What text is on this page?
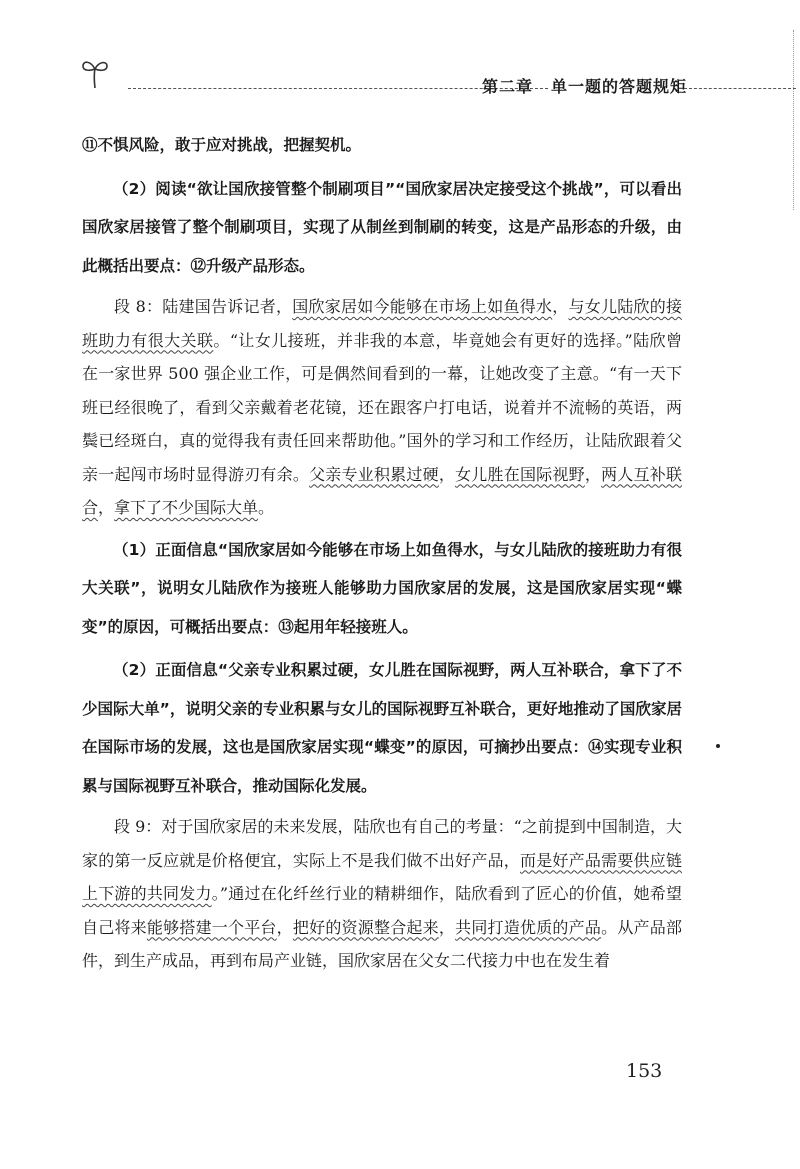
第二章 单一题的答题规矩

⑪不惧风险，敢于应对挑战，把握契机。

（2）阅读“欲让国欣接管整个制刷项目”“国欣家居决定接受这个挑战”，可以看出国欣家居接管了整个制刷项目，实现了从制丝到制刷的转变，这是产品形态的升级，由此概括出要点：⑫升级产品形态。

段 8：陆建国告诉记者，国欣家居如今能够在市场上如鱼得水，与女儿陆欣的接班助力有很大关联。“让女儿接班，并非我的本意，毕竟她会有更好的选择。”陆欣曾在一家世界 500 强企业工作，可是偶然间看到的一幕，让她改变了主意。“有一天下班已经很晚了，看到父亲戴着老花镜，还在跟客户打电话，说着并不流畅的英语，两鬓已经斑白，真的觉得我有责任回来帮助他。”国外的学习和工作经历，让陆欣跟着父亲一起闯市场时显得游刃有余。父亲专业积累过硬，女儿胜在国际视野，两人互补联合，拿下了不少国际大单。

（1）正面信息“国欣家居如今能够在市场上如鱼得水，与女儿陆欣的接班助力有很大关联”，说明女儿陆欣作为接班人能够助力国欣家居的发展，这是国欣家居实现“蝶变”的原因，可概括出要点：⑬起用年轻接班人。

（2）正面信息“父亲专业积累过硬，女儿胜在国际视野，两人互补联合，拿下了不少国际大单”，说明父亲的专业积累与女儿的国际视野互补联合，更好地推动了国欣家居在国际市场的发展，这也是国欣家居实现“蝶变”的原因，可摘抄出要点：⑭实现专业积累与国际视野互补联合，推动国际化发展。

段 9：对于国欣家居的未来发展，陆欣也有自己的考量：“之前提到中国制造，大家的第一反应就是价格便宜，实际上不是我们做不出好产品，而是好产品需要供应链上下游的共同发力。”通过在化纤丝行业的精耕细作，陆欣看到了匠心的价值，她希望自己将来能够搭建一个平台，把好的资源整合起来，共同打造优质的产品。从产品部件，到生产成品，再到布局产业链，国欣家居在父女二代接力中也在发生着

153
